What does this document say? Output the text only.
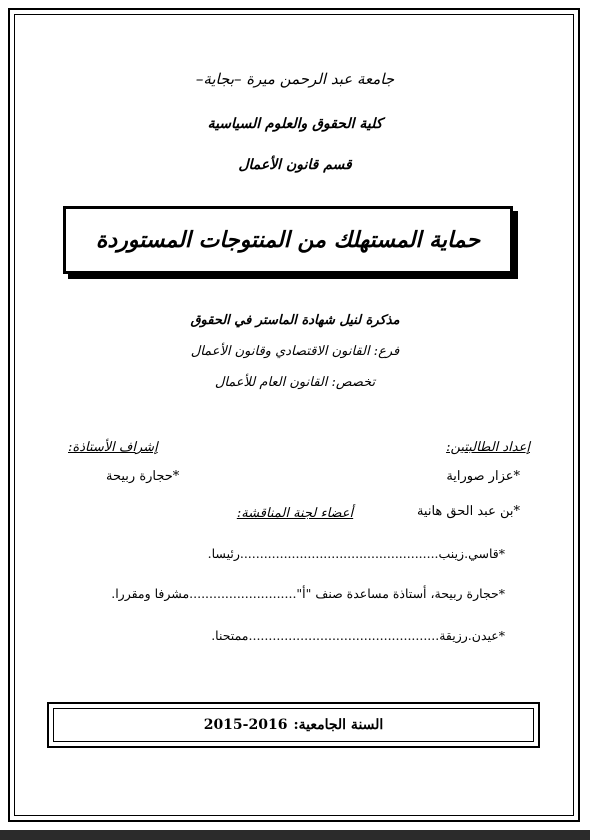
جامعة عبد الرحمن ميرة –بجاية–
كلية الحقوق والعلوم السياسية
قسم قانون الأعمال
حماية المستهلك من المنتوجات المستوردة
مذكرة لنيل شهادة الماستر في الحقوق
فرع: القانون الاقتصادي وقانون الأعمال
تخصص: القانون العام للأعمال
إعداد الطالبتين:
إشراف الأستاذة:
*عزار صوراية
*حجارة ربيحة
*بن عبد الحق هانية
أعضاء لجنة المناقشة:
*قاسي.زينب..................................................رئيسا.
*حجارة ربيحة، أستاذة مساعدة صنف "أ"...........................مشرفا ومقررا.
*عيدن.رزيقة................................................ممتحنا.
السنة الجامعية:
2015-2016
